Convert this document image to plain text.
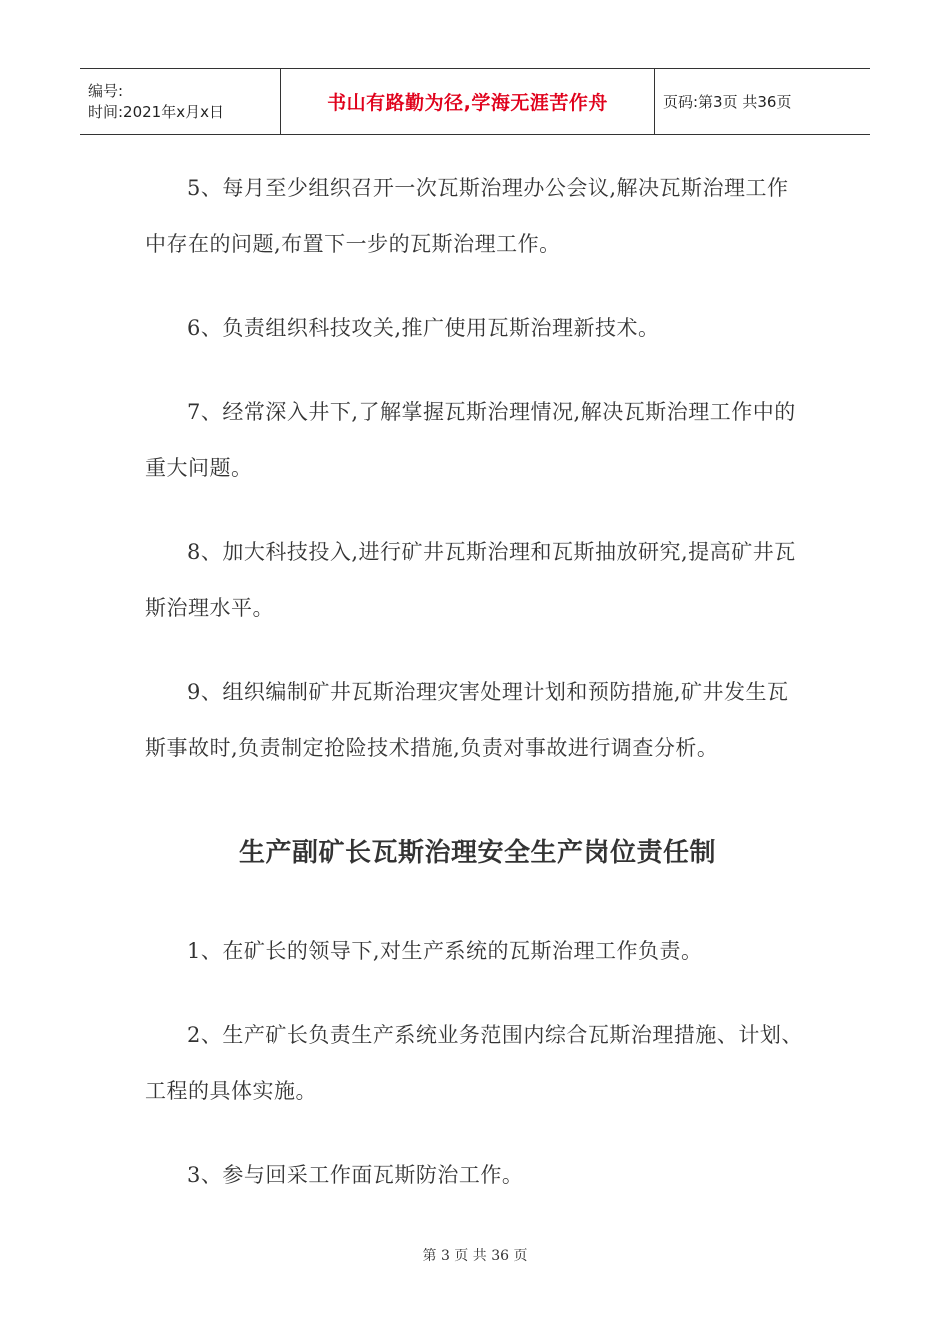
编号:
时间:2021年x月x日	书山有路勤为径,学海无涯苦作舟	页码:第3页 共36页

5、每月至少组织召开一次瓦斯治理办公会议,解决瓦斯治理工作中存在的问题,布置下一步的瓦斯治理工作。

6、负责组织科技攻关,推广使用瓦斯治理新技术。

7、经常深入井下,了解掌握瓦斯治理情况,解决瓦斯治理工作中的重大问题。

8、加大科技投入,进行矿井瓦斯治理和瓦斯抽放研究,提高矿井瓦斯治理水平。

9、组织编制矿井瓦斯治理灾害处理计划和预防措施,矿井发生瓦斯事故时,负责制定抢险技术措施,负责对事故进行调查分析。

生产副矿长瓦斯治理安全生产岗位责任制

1、在矿长的领导下,对生产系统的瓦斯治理工作负责。

2、生产矿长负责生产系统业务范围内综合瓦斯治理措施、计划、工程的具体实施。

3、参与回采工作面瓦斯防治工作。

第 3 页 共 36 页
